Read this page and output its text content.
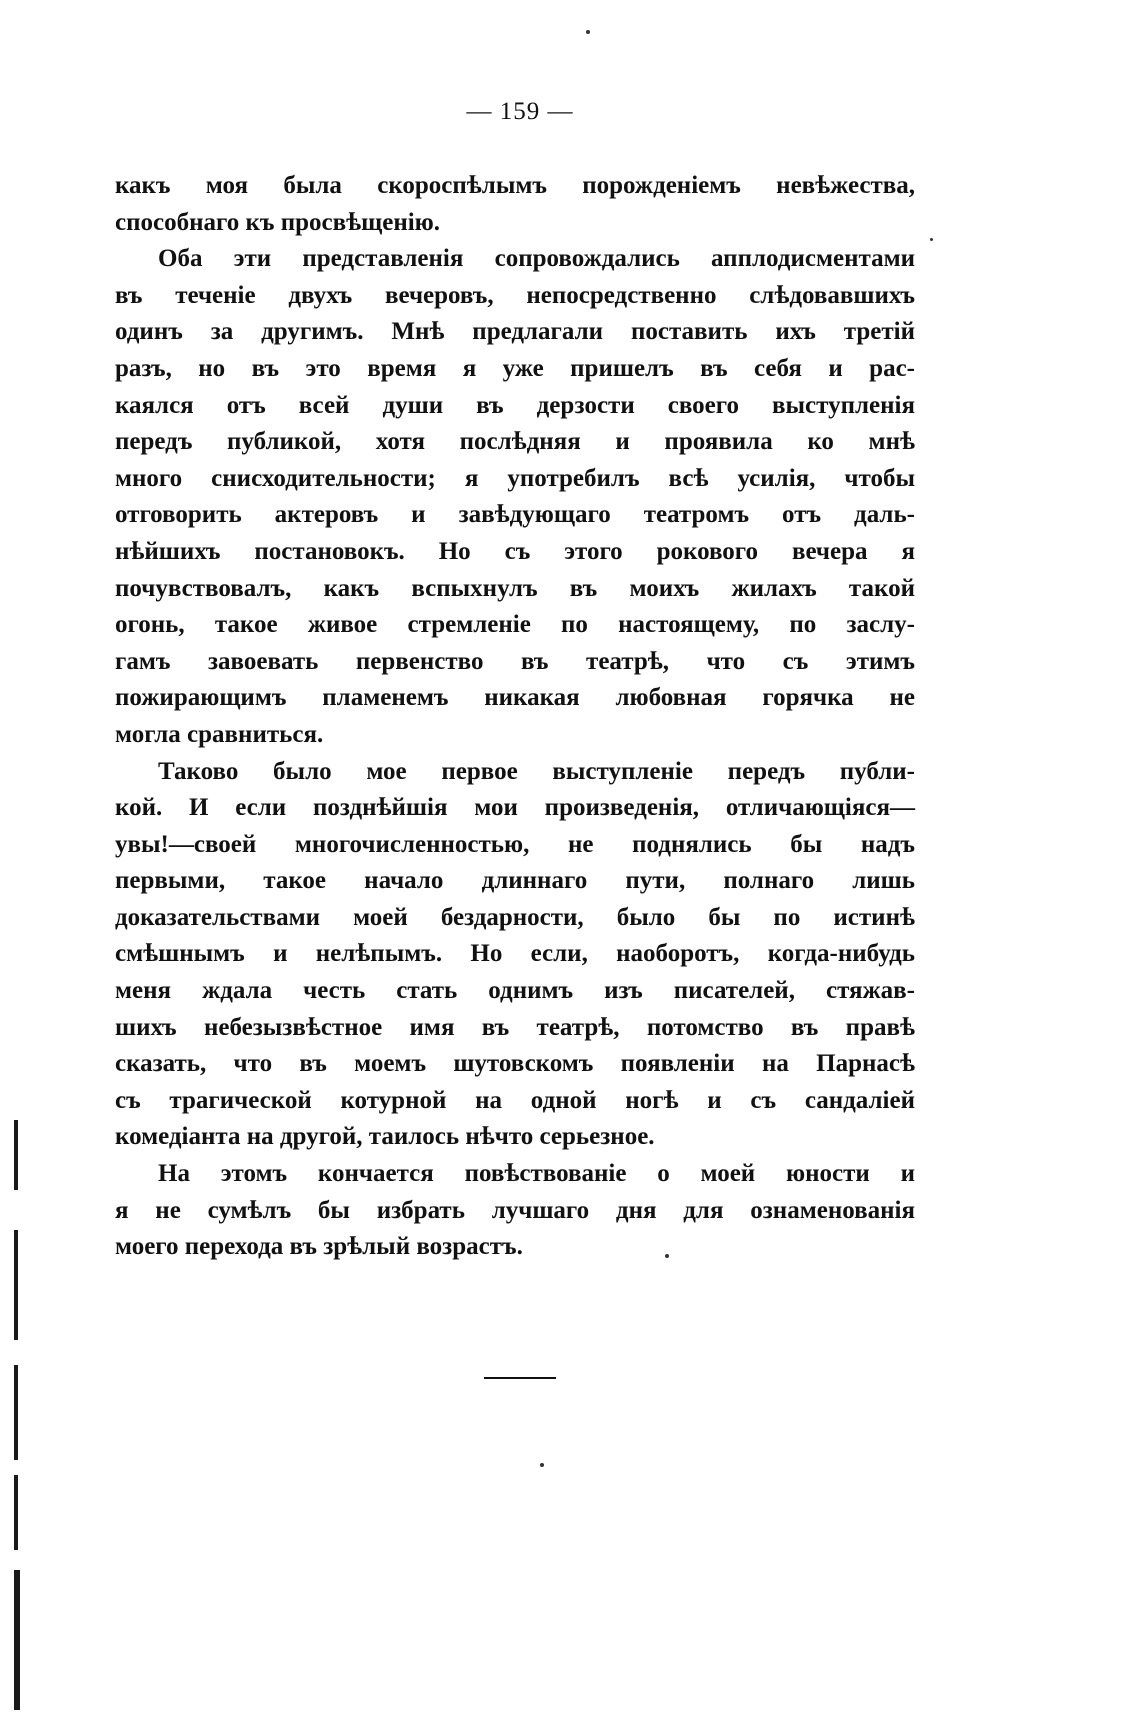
— 159 —
какъ моя была скороспѣлымъ порожденiемъ невѣжества,
способнаго къ просвѣщенiю.
Оба эти представленiя сопровождались апплодисментами
въ теченiе двухъ вечеровъ, непосредственно слѣдовавшихъ
одинъ за другимъ. Мнѣ предлагали поставить ихъ третiй
разъ, но въ это время я уже пришелъ въ себя и рас-
каялся отъ всей души въ дерзости своего выступленiя
передъ публикой, хотя послѣдняя и проявила ко мнѣ
много снисходительности; я употребилъ всѣ усилiя, чтобы
отговорить актеровъ и завѣдующаго театромъ отъ даль-
нѣйшихъ постановокъ. Но съ этого рокового вечера я
почувствовалъ, какъ вспыхнулъ въ моихъ жилахъ такой
огонь, такое живое стремленiе по настоящему, по заслу-
гамъ завоевать первенство въ театрѣ, что съ этимъ
пожирающимъ пламенемъ никакая любовная горячка не
могла сравниться.
Таково было мое первое выступленiе передъ публи-
кой. И если позднѣйшiя мои произведенiя, отличающiяся—
увы!—своей многочисленностью, не поднялись бы надъ
первыми, такое начало длиннаго пути, полнаго лишь
доказательствами моей бездарности, было бы по истинѣ
смѣшнымъ и нелѣпымъ. Но если, наоборотъ, когда-нибудь
меня ждала честь стать однимъ изъ писателей, стяжав-
шихъ небезызвѣстное имя въ театрѣ, потомство въ правѣ
сказать, что въ моемъ шутовскомъ появленiи на Парнасѣ
съ трагической котурной на одной ногѣ и съ сандалiей
комедiанта на другой, таилось нѣчто серьезное.
На этомъ кончается повѣствованiе о моей юности и
я не сумѣлъ бы избрать лучшаго дня для ознаменованiя
моего перехода въ зрѣлый возрастъ.
